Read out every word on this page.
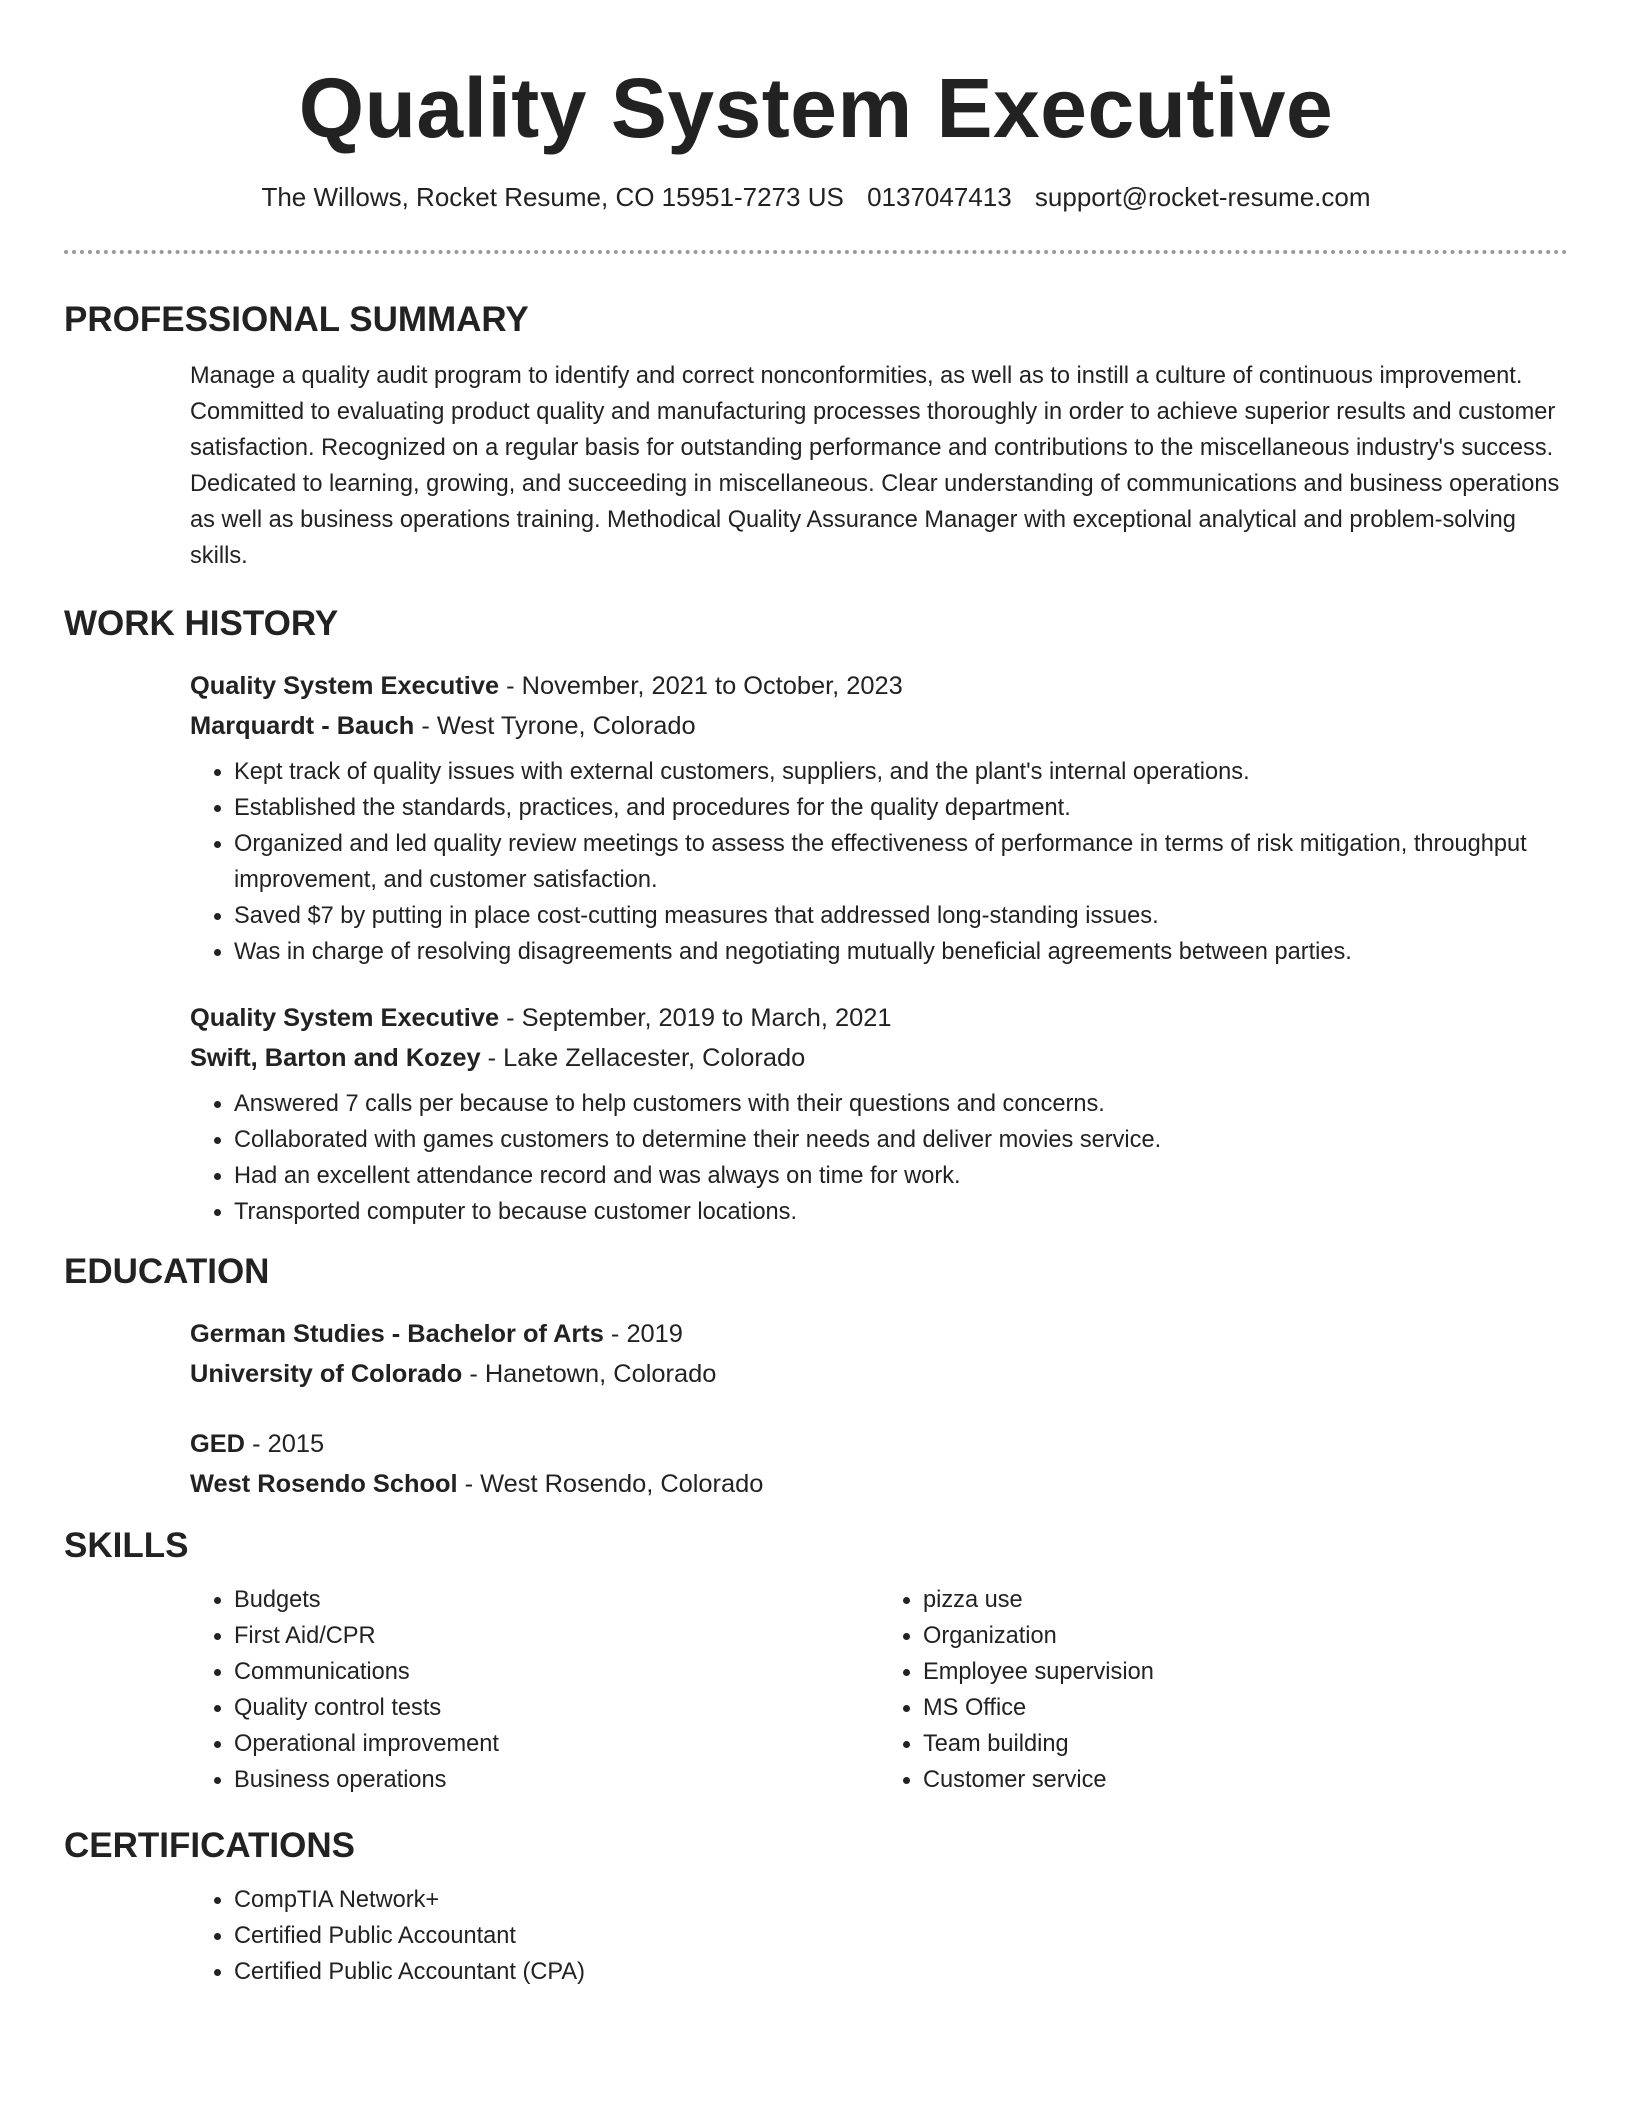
Quality System Executive
The Willows, Rocket Resume, CO 15951-7273 US 0137047413 support@rocket-resume.com
PROFESSIONAL SUMMARY

Manage a quality audit program to identify and correct nonconformities, as well as to instill a culture of continuous improvement. Committed to evaluating product quality and manufacturing processes thoroughly in order to achieve superior results and customer satisfaction. Recognized on a regular basis for outstanding performance and contributions to the miscellaneous industry's success. Dedicated to learning, growing, and succeeding in miscellaneous. Clear understanding of communications and business operations as well as business operations training. Methodical Quality Assurance Manager with exceptional analytical and problem-solving skills.

WORK HISTORY
Quality System Executive - November, 2021 to October, 2023
Marquardt - Bauch - West Tyrone, Colorado
• Kept track of quality issues with external customers, suppliers, and the plant's internal operations.
• Established the standards, practices, and procedures for the quality department.
• Organized and led quality review meetings to assess the effectiveness of performance in terms of risk mitigation, throughput improvement, and customer satisfaction.
• Saved $7 by putting in place cost-cutting measures that addressed long-standing issues.
• Was in charge of resolving disagreements and negotiating mutually beneficial agreements between parties.
Quality System Executive - September, 2019 to March, 2021
Swift, Barton and Kozey - Lake Zellacester, Colorado
• Answered 7 calls per because to help customers with their questions and concerns.
• Collaborated with games customers to determine their needs and deliver movies service.
• Had an excellent attendance record and was always on time for work.
• Transported computer to because customer locations.
EDUCATION
German Studies - Bachelor of Arts - 2019
University of Colorado - Hanetown, Colorado
GED - 2015
West Rosendo School - West Rosendo, Colorado
SKILLS
• Budgets
• First Aid/CPR
• Communications
• Quality control tests
• Operational improvement
• Business operations
• pizza use
• Organization
• Employee supervision
• MS Office
• Team building
• Customer service
CERTIFICATIONS
• CompTIA Network+
• Certified Public Accountant
• Certified Public Accountant (CPA)
